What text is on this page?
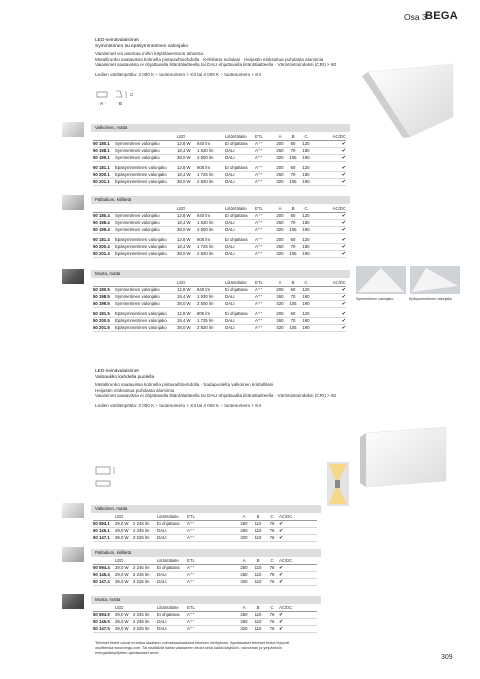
Osa 3
BEGA
LED-seinävalaisimet
Symmetrinen tai epäsymmetrinen valonjako
Vaiaisimet voi asentaa mihin käyttöasentoon tahansa.
Metallirunko saatavissa kolmella pintavaihtoehdolla · Kehikattu suilulasi · Heijastin eloksoitua puhdasta alumiinia
Vaiaisimet saatavissa ei ohjattavalla liitäntälaitteella tai DALI-ohjattavalla liitäntälaitteella · Värintoistoindeksi (CRI) > 80
Ledien värilämpötila: 3 000 K – tuotenumero + K3 tai 4 000 K – tuotenumero + K4
A	B
C
Valkoinen, matta
		LED		Liitäntälaite	ETL	A	B	C	AC/DC
50 180.1	Symmetrinen valonjako	12,8 W	840 lm	Ei ohjattava	A⁺⁺	200	60	120	✔
50 198.1	Symmetrinen valonjako	18,4 W	1 530 lm	DALI	A⁺⁺	260	70	180	✔
50 199.1	Symmetrinen valonjako	38,0 W	3 500 lm	DALI	A⁺⁺	320	105	190	✔

50 181.1	Epäsymmetrinen valonjako	12,8 W	805 lm	Ei ohjattava	A⁺⁺	200	60	120	✔
50 200.1	Epäsymmetrinen valonjako	18,4 W	1 725 lm	DALI	A⁺⁺	260	70	180	✔
50 201.1	Epäsymmetrinen valonjako	38,0 W	2 820 lm	DALI	A⁺⁺	320	105	190	✔
Palladium, kiillitetä
		LED		Liitäntälaite	ETL	A	B	C	AC/DC
50 180.4	Symmetrinen valonjako	12,8 W	840 lm	Ei ohjattava	A⁺⁺	200	60	120	✔
50 198.4	Symmetrinen valonjako	18,4 W	1 530 lm	DALI	A⁺⁺	260	70	180	✔
50 199.4	Symmetrinen valonjako	38,0 W	3 500 lm	DALI	A⁺⁺	320	105	190	✔

50 181.4	Epäsymmetrinen valonjako	12,8 W	805 lm	Ei ohjattava	A⁺⁺	200	60	120	✔
50 200.4	Epäsymmetrinen valonjako	18,4 W	1 725 lm	DALI	A⁺⁺	260	70	180	✔
50 201.4	Epäsymmetrinen valonjako	38,0 W	2 820 lm	DALI	A⁺⁺	320	105	190	✔
Musta, matta
		LED		Liitäntälaite	ETL	A	B	C	AC/DC
50 180.5	Symmetrinen valonjako	12,8 W	840 lm	Ei ohjattava	A⁺⁺	200	60	120	✔
50 198.5	Symmetrinen valonjako	18,4 W	1 530 lm	DALI	A⁺⁺	260	70	180	✔
50 199.5	Symmetrinen valonjako	38,0 W	3 500 lm	DALI	A⁺⁺	320	105	190	✔

50 181.5	Epäsymmetrinen valonjako	12,8 W	805 lm	Ei ohjattava	A⁺⁺	200	60	120	✔
50 200.5	Epäsymmetrinen valonjako	18,4 W	1 725 lm	DALI	A⁺⁺	260	70	180	✔
50 201.5	Epäsymmetrinen valonjako	38,0 W	2 820 lm	DALI	A⁺⁺	320	105	190	✔
Symmetrinen valonjako	Epäsymmetrinen valonjako
LED-seinävalaisimet
Valoaukko kahdella puolella
Metallirunko saatavissa kolmella pintavaihtoehdolla · Sadapuolelta valkoinen kristallilasi
Heijastin eloksoitua puhdasta alumiinia
Vaiaisimet saatavissa ei ohjattavalla liitäntälaitteella tai DALI-ohjattavalla liitäntälaitteella · Värintoistoindeksi (CRI) > 80
Ledien värilämpötila: 3 000 K – tuotenumero + K3 tai 4 000 K – tuotenumero + K4
Valkoinen, matta
	LED		Liitäntälaite	ETL	A	B	C	AC/DC
50 594.1	29,0 W	2 245 lm	Ei ohjattava	A⁺⁺	250	110	76	✔
50 145.1	29,0 W	2 245 lm	DALI	A⁺⁺	250	110	76	✔
50 147.1	39,0 W	3 225 lm	DALI	A⁺⁺	320	110	76	✔
Palladium, kiillitetä
	LED		Liitäntälaite	ETL	A	B	C	AC/DC
50 594.4	29,0 W	2 245 lm	Ei ohjattava	A⁺⁺	250	110	76	✔
50 145.4	29,0 W	2 245 lm	DALI	A⁺⁺	250	110	76	✔
50 147.4	39,0 W	3 225 lm	DALI	A⁺⁺	320	110	76	✔
Musta, matta
	LED		Liitäntälaite	ETL	A	B	C	AC/DC
50 594.5	29,0 W	2 245 lm	Ei ohjattava	A⁺⁺	250	110	76	✔
50 145.5	29,0 W	2 245 lm	DALI	A⁺⁺	250	110	76	✔
50 147.5	39,0 W	3 225 lm	DALI	A⁺⁺	320	110	76	✔
Tekniset tiedot voivat muuttua laadtarin vulmassaoloaikana teknisen kehityksen. Ajantasaiset tekniset tiedot löytyvät
osoitteesta www.bega.com. Tai sisältävät kaikki valaisimen tiedot sekä kaikki käyttöön, valvonnan ja ympäristön
energiatämpöjötten ajantasaiset arvot.
309
